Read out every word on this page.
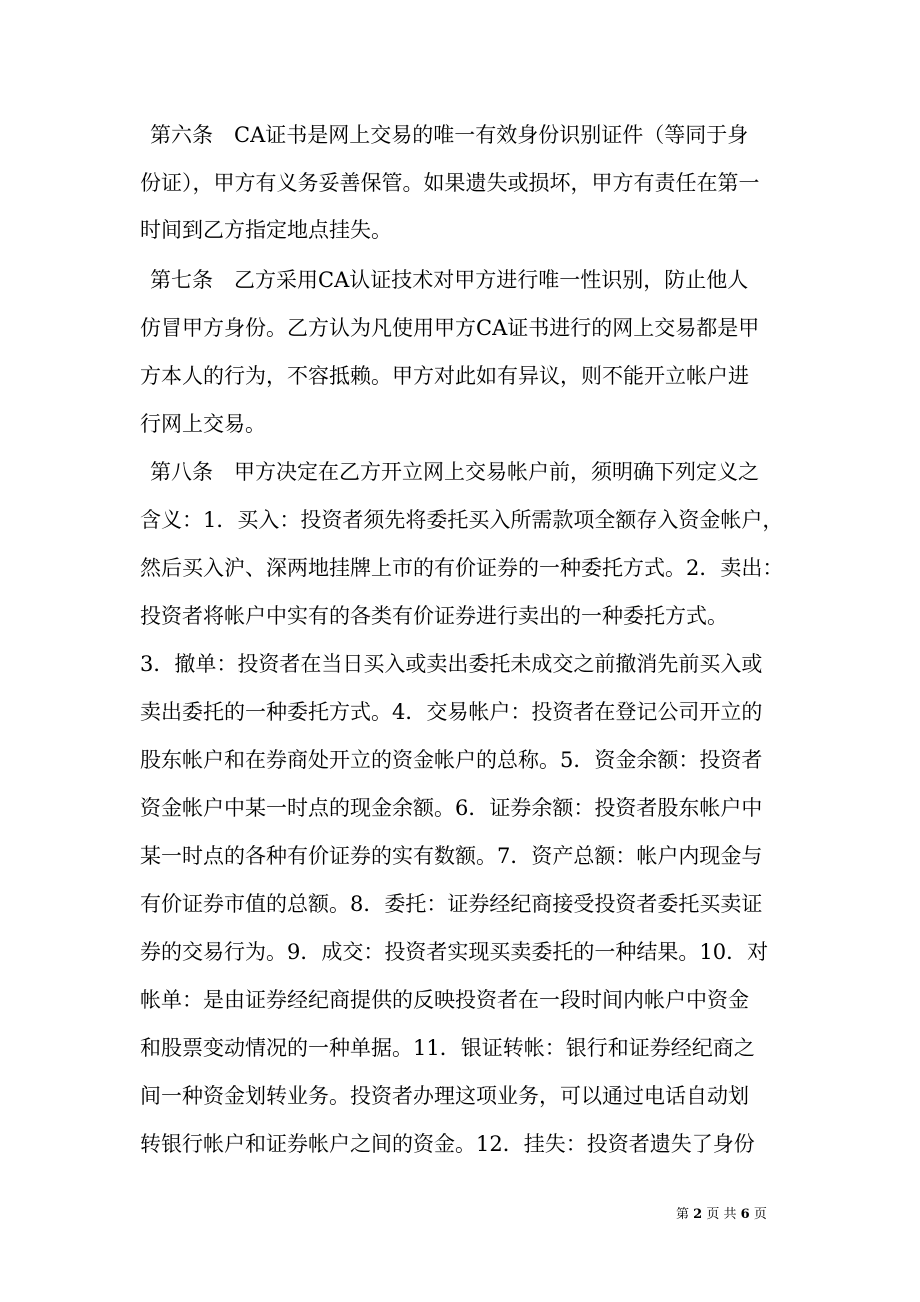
第六条　CA证书是网上交易的唯一有效身份识别证件（等同于身
份证），甲方有义务妥善保管。如果遗失或损坏，甲方有责任在第一
时间到乙方指定地点挂失。
第七条　乙方采用CA认证技术对甲方进行唯一性识别，防止他人
仿冒甲方身份。乙方认为凡使用甲方CA证书进行的网上交易都是甲
方本人的行为，不容抵赖。甲方对此如有异议，则不能开立帐户进
行网上交易。
第八条　甲方决定在乙方开立网上交易帐户前，须明确下列定义之
含义：1．买入：投资者须先将委托买入所需款项全额存入资金帐户，
然后买入沪、深两地挂牌上市的有价证券的一种委托方式。2．卖出：
投资者将帐户中实有的各类有价证券进行卖出的一种委托方式。
3．撤单：投资者在当日买入或卖出委托未成交之前撤消先前买入或
卖出委托的一种委托方式。4．交易帐户：投资者在登记公司开立的
股东帐户和在券商处开立的资金帐户的总称。5．资金余额：投资者
资金帐户中某一时点的现金余额。6．证券余额：投资者股东帐户中
某一时点的各种有价证券的实有数额。7．资产总额：帐户内现金与
有价证券市值的总额。8．委托：证券经纪商接受投资者委托买卖证
券的交易行为。9．成交：投资者实现买卖委托的一种结果。10．对
帐单：是由证券经纪商提供的反映投资者在一段时间内帐户中资金
和股票变动情况的一种单据。11．银证转帐：银行和证券经纪商之
间一种资金划转业务。投资者办理这项业务，可以通过电话自动划
转银行帐户和证券帐户之间的资金。12．挂失：投资者遗失了身份
第 2 页 共 6 页
